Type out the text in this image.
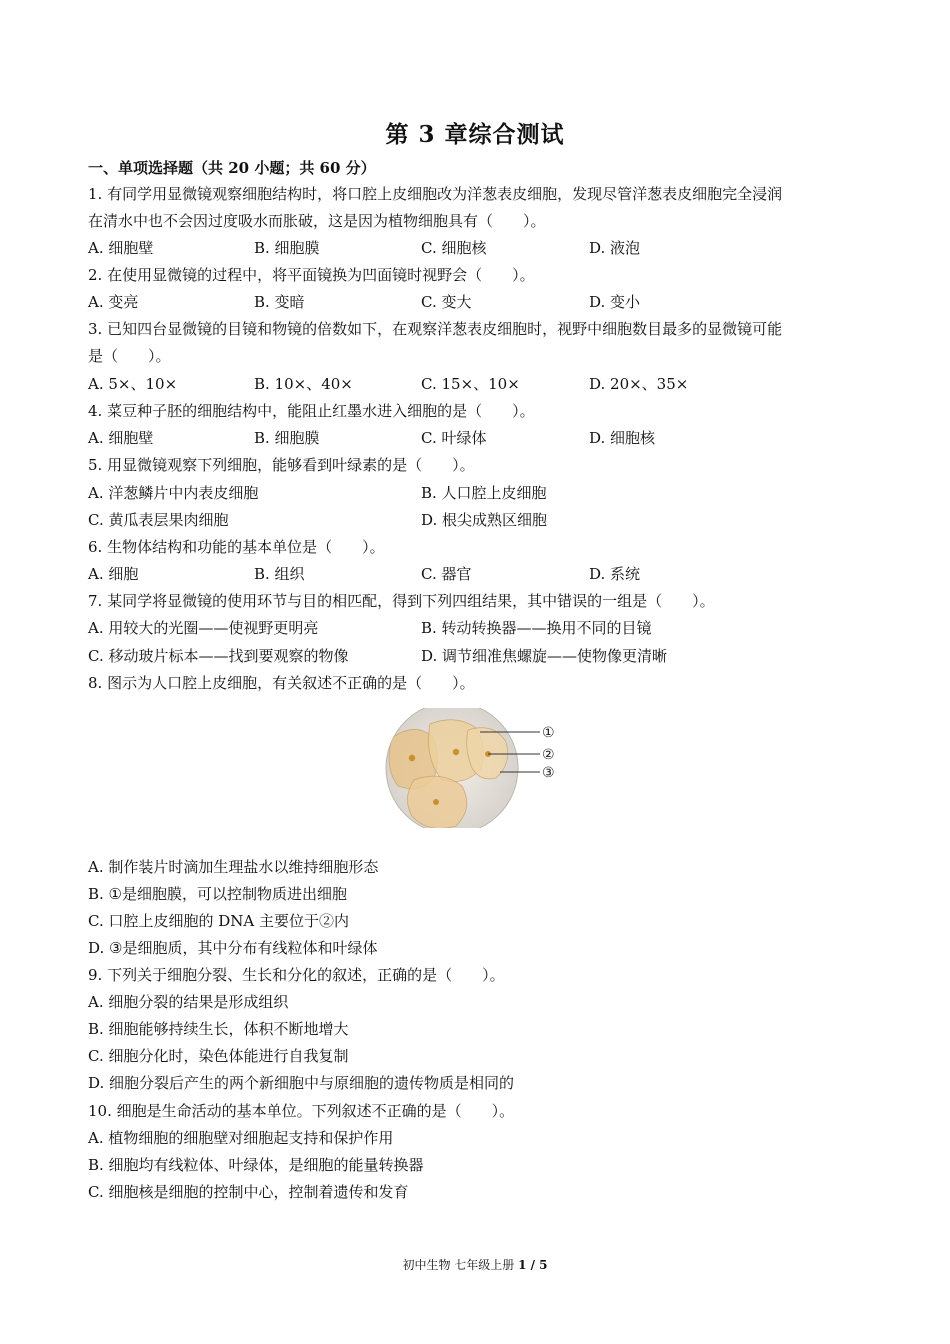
第 3 章综合测试
一、单项选择题（共 20 小题；共 60 分）
1. 有同学用显微镜观察细胞结构时，将口腔上皮细胞改为洋葱表皮细胞，发现尽管洋葱表皮细胞完全浸润
在清水中也不会因过度吸水而胀破，这是因为植物细胞具有（　　）。
A. 细胞壁	B. 细胞膜	C. 细胞核	D. 液泡
2. 在使用显微镜的过程中，将平面镜换为凹面镜时视野会（　　）。
A. 变亮	B. 变暗	C. 变大	D. 变小
3. 已知四台显微镜的目镜和物镜的倍数如下，在观察洋葱表皮细胞时，视野中细胞数目最多的显微镜可能
是（　　）。
A. 5×、10×	B. 10×、40×	C. 15×、10×	D. 20×、35×
4. 菜豆种子胚的细胞结构中，能阻止红墨水进入细胞的是（　　）。
A. 细胞壁	B. 细胞膜	C. 叶绿体	D. 细胞核
5. 用显微镜观察下列细胞，能够看到叶绿素的是（　　）。
A. 洋葱鳞片中内表皮细胞	B. 人口腔上皮细胞
C. 黄瓜表层果肉细胞	D. 根尖成熟区细胞
6. 生物体结构和功能的基本单位是（　　）。
A. 细胞	B. 组织	C. 器官	D. 系统
7. 某同学将显微镜的使用环节与目的相匹配，得到下列四组结果，其中错误的一组是（　　）。
A. 用较大的光圈——使视野更明亮	B. 转动转换器——换用不同的目镜
C. 移动玻片标本——找到要观察的物像	D. 调节细准焦螺旋——使物像更清晰
8. 图示为人口腔上皮细胞，有关叙述不正确的是（　　）。
①
②
③
A. 制作装片时滴加生理盐水以维持细胞形态
B. ①是细胞膜，可以控制物质进出细胞
C. 口腔上皮细胞的 DNA 主要位于②内
D. ③是细胞质，其中分布有线粒体和叶绿体
9. 下列关于细胞分裂、生长和分化的叙述，正确的是（　　）。
A. 细胞分裂的结果是形成组织
B. 细胞能够持续生长，体积不断地增大
C. 细胞分化时，染色体能进行自我复制
D. 细胞分裂后产生的两个新细胞中与原细胞的遗传物质是相同的
10. 细胞是生命活动的基本单位。下列叙述不正确的是（　　）。
A. 植物细胞的细胞壁对细胞起支持和保护作用
B. 细胞均有线粒体、叶绿体，是细胞的能量转换器
C. 细胞核是细胞的控制中心，控制着遗传和发育
初中生物 七年级上册 1 / 5
